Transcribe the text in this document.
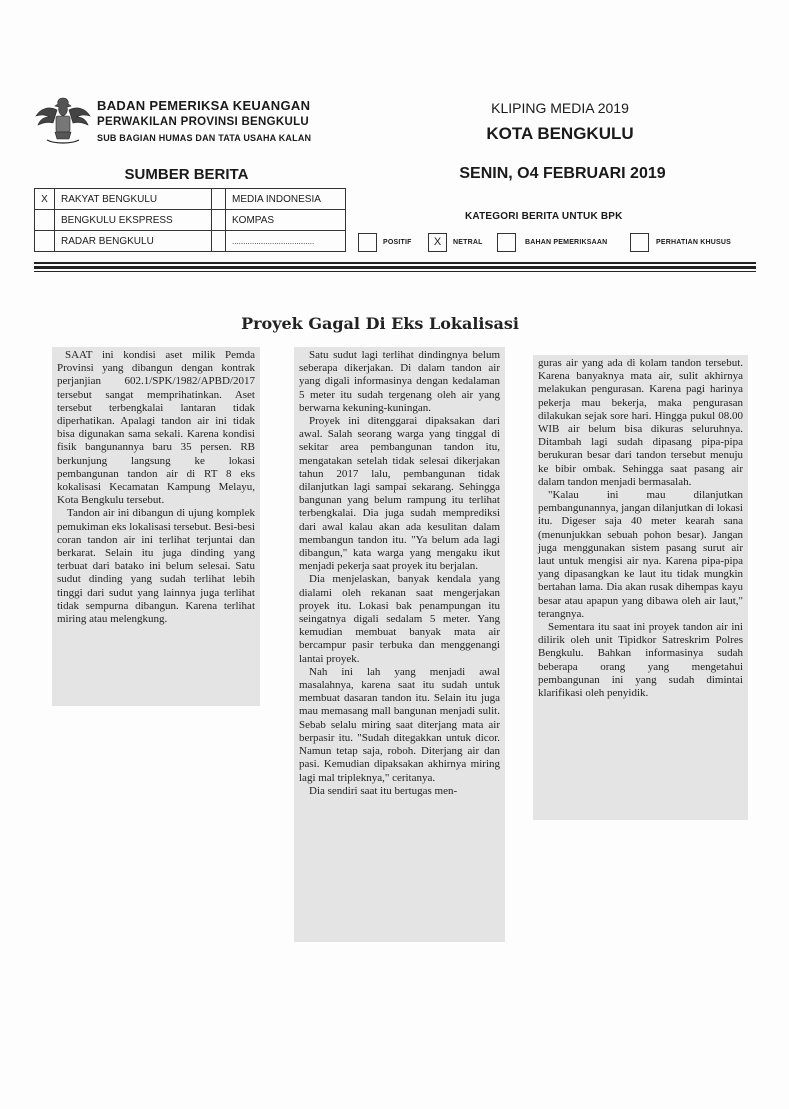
BADAN PEMERIKSA KEUANGAN
PERWAKILAN PROVINSI BENGKULU
SUB BAGIAN HUMAS DAN TATA USAHA KALAN
KLIPING MEDIA 2019
KOTA BENGKULU
SUMBER BERITA	SENIN, O4 FEBRUARI 2019
X	RAKYAT BENGKULU		MEDIA INDONESIA
	BENGKULU EKSPRESS		KOMPAS
	RADAR BENGKULU		.....................................
KATEGORI BERITA UNTUK BPK
POSITIF	X	NETRAL	BAHAN PEMERIKSAAN	PERHATIAN KHUSUS
Proyek Gagal Di Eks Lokalisasi

SAAT ini kondisi aset milik Pemda Provinsi yang dibangun dengan kontrak perjanjian 602.1/SPK/1982/APBD/2017 tersebut sangat memprihatinkan. Aset tersebut terbengkalai lantaran tidak diperhatikan. Apalagi tandon air ini tidak bisa digunakan sama sekali. Karena kondisi fisik bangunannya baru 35 persen. RB berkunjung langsung ke lokasi pembangunan tandon air di RT 8 eks kokalisasi Kecamatan Kampung Melayu, Kota Bengkulu tersebut.

Tandon air ini dibangun di ujung komplek pemukiman eks lokalisasi tersebut. Besi-besi coran tandon air ini terlihat terjuntai dan berkarat. Selain itu juga dinding yang terbuat dari batako ini belum selesai. Satu sudut dinding yang sudah terlihat lebih tinggi dari sudut yang lainnya juga terlihat tidak sempurna dibangun. Karena terlihat miring atau melengkung.

Satu sudut lagi terlihat dindingnya belum seberapa dikerjakan. Di dalam tandon air yang digali informasinya dengan kedalaman 5 meter itu sudah tergenang oleh air yang berwarna kekuning-kuningan.

Proyek ini ditenggarai dipaksakan dari awal. Salah seorang warga yang tinggal di sekitar area pembangunan tandon itu, mengatakan setelah tidak selesai dikerjakan tahun 2017 lalu, pembangunan tidak dilanjutkan lagi sampai sekarang. Sehingga bangunan yang belum rampung itu terlihat terbengkalai. Dia juga sudah memprediksi dari awal kalau akan ada kesulitan dalam membangun tandon itu. "Ya belum ada lagi dibangun," kata warga yang mengaku ikut menjadi pekerja saat proyek itu berjalan.

Dia menjelaskan, banyak kendala yang dialami oleh rekanan saat mengerjakan proyek itu. Lokasi bak penampungan itu seingatnya digali sedalam 5 meter. Yang kemudian membuat banyak mata air bercampur pasir terbuka dan menggenangi lantai proyek.

Nah ini lah yang menjadi awal masalahnya, karena saat itu sudah untuk membuat dasaran tandon itu. Selain itu juga mau memasang mall bangunan menjadi sulit. Sebab selalu miring saat diterjang mata air berpasir itu. "Sudah ditegakkan untuk dicor. Namun tetap saja, roboh. Diterjang air dan pasi. Kemudian dipaksakan akhirnya miring lagi mal tripleknya," ceritanya.

Dia sendiri saat itu bertugas men-

guras air yang ada di kolam tandon tersebut. Karena banyaknya mata air, sulit akhirnya melakukan pengurasan. Karena pagi harinya pekerja mau bekerja, maka pengurasan dilakukan sejak sore hari. Hingga pukul 08.00 WIB air belum bisa dikuras seluruhnya. Ditambah lagi sudah dipasang pipa-pipa berukuran besar dari tandon tersebut menuju ke bibir ombak. Sehingga saat pasang air dalam tandon menjadi bermasalah.

"Kalau ini mau dilanjutkan pembangunannya, jangan dilanjutkan di lokasi itu. Digeser saja 40 meter kearah sana (menunjukkan sebuah pohon besar). Jangan juga menggunakan sistem pasang surut air laut untuk mengisi air nya. Karena pipa-pipa yang dipasangkan ke laut itu tidak mungkin bertahan lama. Dia akan rusak dihempas kayu besar atau apapun yang dibawa oleh air laut," terangnya.

Sementara itu saat ini proyek tandon air ini dilirik oleh unit Tipidkor Satreskrim Polres Bengkulu. Bahkan informasinya sudah beberapa orang yang mengetahui pembangunan ini yang sudah dimintai klarifikasi oleh penyidik.
